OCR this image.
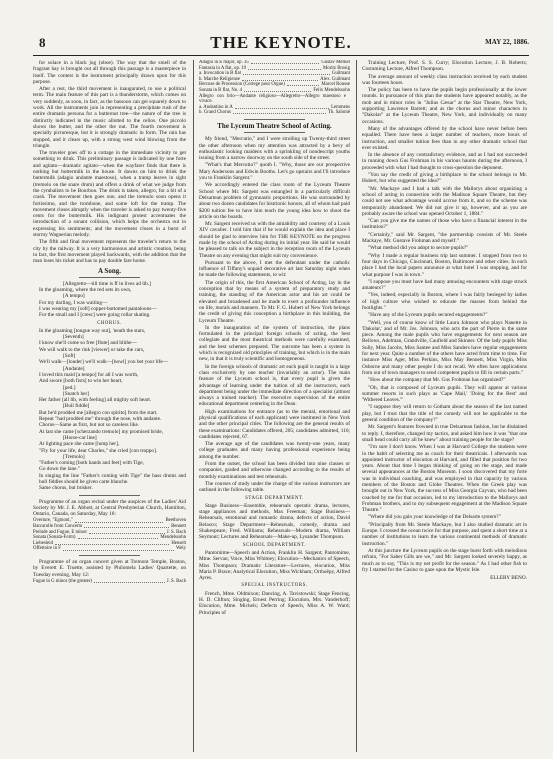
8	THE KEYNOTE.	MAY 22, 1886.

for solace in a black jug (oboe). The way that the smell of the fragrant hay is brought out all through this passage is a masterpiece in itself. The contest is the instrument principally drawn upon for this purpose.

After a rest, the third movement is inaugurated, to use a political term. The main feature of this part is a thunderstorm, which comes on very suddenly, as soon, in fact, as the bassoon can get squarely down to work. All the instruments join in representing a precipitate rush of the entire dramatis persona for a butternut tree—the nature of the tree is distinctly indicated in the music allotted to the cellos. One piccolo shows the butter, and the other the nut. The fourth movement is specially picturesque, but it is strongly dramatic in form. The rain has stopped, and it clears up, with a strong west wind blowing from the triangle.

The traveler goes off to a cottage in the immediate vicinity to get something to drink. This preliminary passage is indicated by one forte and agitato—dramatic agitato—when the wayfarer finds that there is nothing but buttermilk in the house. It dawns on him to drink the buttermilk (adagio andante maestoso), when a tramp leaves in sight (tremolo on the snare drum) and offers a drink of what we judge from the cymbalists to be Bourbon. The drink is taken, allegro, for a bit of a crash. The movement then goes one, and the tremolo soon opens it fortissimo, and the trombone, and some loft for the tramp. The movement closes abruptly when the traveler is asked to pay twenty-five cents for the buttermilk. His indignant protest accentuates the introduction of a sonant collision, which helps the orchestra out in expressing his sentiments; and the movement closes in a burst of stormy Wagnerian melody.

The fifth and final movement represents the traveler's return to the city by the railway. It is a very harmonious and artistic creation, being in fact, the first movement played backwards, with the addition that the man loses his ticket and has to pay double fare home.

A Song.
[Allegretto—till time is ff in lives ad lib.]
In the gloaming, where the red sets its own,
[A tempo]
For my darling, I was waiting—
I was wearing my [soft] copper-bottomed pantaloons—
For the small and I [cresc] were going rollar skating.
CHORUS.
In the gloaming [tongue way out], 'neath the stars,
[Seventh]
I know she'll come so free [flute] and blithe—
We will walk to the rink [viewer] or take the cars,
[Soft]
We'll walk—[louder] we'll walk—[howl] you bet your life—
[Andante]
I loved this maid [a tempo] for all I was worth,
And swore [both fists] to win her heart,
[ped.]
[Snatch her]
Her father [all lib, with feeling] all mighty soft heart.
[Bull fiddle]
But he'd prodded me [allegro con spirito] from the start.
Repeat "had prodded me" through the nose, with andante.
Chorus—Same as first, but not so careless like.
At last she came [scherzando tremolo] my promised bride,
[Horse-car line]
At lighting pace she came [lump her],
"Fly for your life, dear Charles," she cried [con troppo].
[Tremolo]
"Father's coming [both hands and feet] with Tige,
Go down the lane."
In singing the line "Father's coming with Tige" the bass drums and bull fiddles should be given carte blanche.
Same chorus, but brisker.

Programme of an organ recital under the auspices of the Ladies' Aid Society by Mr. J. E. Abbott, at Central Presbyterian Church, Hamilton, Ontario, Canada, on Saturday, May 16:

Overture, "Egmont,"	Beethoven
Barcarolle from Concerto	Bennett
Prelude and Fugue, E minor	J. S. Bach
Sonata (Sonata-Form)	Mendelssohn
Liebesleid	Henselt
Offertoire in F	Wely

Programme of an organ concert given at Tremont Temple, Boston, by Everett E. Truette, assisted by Philomela Ladies' Quartette, on Tuesday evening, May 12:

Fugue in G minor (the greater)	J. S. Bach
Adagio in E major, op. 35	Gustav Merkel
Fantasia in A flat, op. 19	Moritz Brosig
a. Invocation in B flat	Guilmant
b. Marche Religieuse	Alex. Guilmant
Bercuse de Procession (Cortege pour Orgue)	Marcel Rousse
Sonata in B flat, No. 4	Felix Mendelssohn
Allegro con brio—Andante religioso—Allegretto—Allegro maestoso e vivace.
a. Andantino in A	Lemmens
b. Grand Chorus	Th. Salomé
The Lyceum Theatre School of Acting.

My friend, "Mercutio," and I were strolling up Twenty-third street the other afternoon when my attention was attracted by a bevy of enthusiastic looking maidens with a sprinkling of nondescript youths issuing from a narrow doorway on the south side of the street.

"What's that Mercutio?" quoth I. "Why, those are our prospective Mary Andersons and Edwin Booths. Let's go upstairs and I'll introduce you to Franklin Sargent."

We accordingly entered the class room of the Lyceum Theatre School where Mr. Sargent was entangled in a particularly difficult Delsartean problem of gymnastic proportions. He was surrounded by about two dozen candidates for histrionic honors, all of whom had paid $200 tuition fee to have him teach the young idea how to shoot the article on the boards.

Mr. Sargent received us with the amiability and courtesy of a Louis XIV cavalier. I told him that if he would explain the idea and place I should be glad to interview him for THE KEYNOTE on the progress made by the school of Acting during its initial year. He said he would be pleased to talk on the subject in the reception room of the Lyceum Theatre on any evening that might suit my convenience.

Pursuant to the above, I met the defendant under the catholic influence of Tiffany's unpaid decorative art last Saturday night when he made the following statements, to wit:

The origin of this, the first American School of Acting, lay in the conception that by means of a system of preparatory study and training, the standing of the American actor and his art could be elevated and broadened and he made to exert a profounder influence on life, morals and manners. To Mr. F. G. Hubert of New York belongs the credit of giving this conception a birthplace in this building, the Lyceum Theatre.

In the inauguration of the system of instruction, the plans formulated in the principal foreign schools of acting, the best collegiate and the most theatrical methods were carefully examined, and the best schemes prepared. The outcome has been a system in which is recognized old principles of training, but which is in the main new, in that it is truly scientific and homogeneous.

In the foreign schools of dramatic art each pupil is taught in a large class exclusively by one teacher (invariably an actor). The main feature of the Lyceum school is, that every pupil is given the advantage of learning under the tuition of all the instructors, each department being under the immediate direction of a specialist (almost always a trained teacher). The executive supervision of the entire educational department centering in the Dean.

High examinations for entrance (as to the mental, emotional and physical qualifications of each applicant) were instituted in New York and the other principal cities. The following are the general results of these examinations: Candidates offered, 205; candidates admitted, 110; candidates rejected, 67.

The average age of the candidates was twenty-one years, many college graduates and many having professional experience being among the number.

From the outset, the school has been divided into nine classes or companies, graded and otherwise changed according to the results of monthly examinations and test rehearsals.

The courses of study under the charge of the various instructors are outlined in the following table.

STAGE DEPARTMENT.

Stage Business—Ensemble, rehearsals operatic drama, lectures, stage appliances and methods, Max Freeman; Stage Business—Rehearsals, emotional and romantic drama, defects of action, David Belasco; Stage Department—Rehearsals, comedy, drama and Shakespeare, Fred. Williams; Rehearsals—Modern drama, William Seymour; Lectures and Rehearsals—Make-up, Lysander Thompson.

SCHOOL DEPARTMENT.

Pantomime—Speech and Action, Franklin H. Sargent; Pantomime, Mme. Servan; Voice, Miss Whitney; Elocution—Mechanics of Speech, Miss Thompson; Dramatic Literature—Lectures, elocution, Miss Maria P. Brace; Analytical Elocution, Miss Wickham; Orthoëpy, Alfred Ayres.

SPECIAL INSTRUCTORS.

French, Mme. Oldmixon; Dancing, A. Tavistowski; Stage Fencing, H. D. Clifton; Singing, Ernest Perring; Elocution, Mrs. Vanderhoff; Elocution, Mme. Michels; Defects of Speech, Miss A. W. Ward; Principles of

Training Lecture, Prof. S. S. Curry; Elocution Lecture, J. B. Roberts; Costuming Lecture, Alfred Thompson.

The average amount of weekly class instruction received by each student was fourteen hours.

The policy has been to have the pupils begin professionally at the lower rounds. In pursuance of this plan the students have appeared notably, as the mob and in minor roles in "Julius Cæsar" at the Star Theatre, New York, supporting Lawrence Barrett; and as the chorus and minor characters in "Dakolar" at the Lyceum Theatre, New York, and individually on many occasions.

Many of the advantages offered by the school have never before been equalled. There have been a larger number of teachers, more hours of instruction, and smaller tuition fees than in any other dramatic school that ever existed.

In the absence of any contradictory evidence, and as I had not succeeded in running down Gus Frohman in his various haunts during the afternoon, I proceeded with what I had thought to cross-question the deponent.

"You say the credit of giving a birthplace to the school belongs to Mr. Hubert, but who suggested the idea?"

"Mr. Mackaye and I had a talk with the Mallorys about organizing a school of acting in connection with the Madison Square Theatre, but they could not see what advantage would accrue from it, and so the scheme was temporarily abandoned. We did not give it up, however, and as you are probably aware the school was opened October 1, 1884."

"Can you give me the names of those who have a financial interest in the institution?"

"Certainly," said Mr. Sargent, "the partnership consists of Mr. Steele Mackaye, Mr. Gustave Frohman and myself."

"What method did you adopt to secure pupils?"

"Why I made a regular business trip last summer. I stopped from two to four days in Chicago, Cincinnati, Boston, Baltimore and other cities. In each place I had the local papers announce at what hotel I was stopping, and for what purpose I was in town."

"I suppose you must have had many amusing encounters with stage struck amateurs?"

"Yes, indeed, especially in Boston, where I was fairly besieged by ladies of high culture who wished to educate the masses from behind the footlights."

"Have any of the Lyceum pupils secured engagements?"

"Well, you of course know of little Laura Johnson who plays Nanette in 'Dakolar,' and of Mr. Jos. Johnson, who acts the part of Pierre in the same piece. Among the male pupils who have engagements for next season are Bellows, Adelman, Grandville, Caufield and Skinner. Of the lady pupils Miss Sully, Miss Jacobs, Miss Santee and Miss Sanders have regular engagements for next year. Quite a number of the others have acted from time to time. For instance Miss Ager, Miss Perkins, Miss May Bennett, Miss Virgin, Miss Osborne and many other people I do not recall. We often have applications from out of town managers to send competent pupils to fill in certain parts."

"How about the company that Mr. Gus Frohman has organized?"

"Oh, that is composed of Lyceum pupils. They will appear at various summer resorts in such plays as 'Cape Mail,' 'Doing for the Best' and 'Withered Leaves.'"

"I suppose they will return to Gotham about the season of the last named play, but I trust that the title of the comedy will not be applicable to the general condition of the company?"

Mr. Sargent's features frowned in true Delsartean fashion, but he disdained to reply. I, therefore, changed my tactics, and asked him how it was "that one small head could carry all he knew" about training people for the stage?

"I'm sure I don't know. When I was at Harvard College the students were in the habit of selecting me as coach for their theatricals. I afterwards was appointed instructor of elocution at Harvard, and filled that position for two years. About that time I began thinking of going on the stage, and made several appearances at the Boston Museum. I soon discovered that my forte was in individual coaching, and was employed in that capacity by various members of the Boston and Globe Theatres. When the Greek play was brought out in New York, the success of Miss Georgia Cayvan, who had been coached by me for that occasion, led to my introduction to the Mallorys and Frohman brothers, and to my subsequent engagement at the Madison Square Theatre."

"Where did you gain your knowledge of the Delsarte system?"

"Principally from Mr. Steele Mackaye, but I also studied dramatic art in Europe. I crossed the ocean twice for that purpose, and spent a short time at a number of institutions to learn the various continental methods of dramatic instruction."

At this juncture the Lyceum pupils on the stage burst forth with melodious refrain, "For Saber Gills are we," and Mr. Sargent looked severely happy, as much as to say, "This is my net profit for the season." As I had other fish to fry I started for the Casino to gaze upon the Mystic Isle.

ELLERY BENO.
